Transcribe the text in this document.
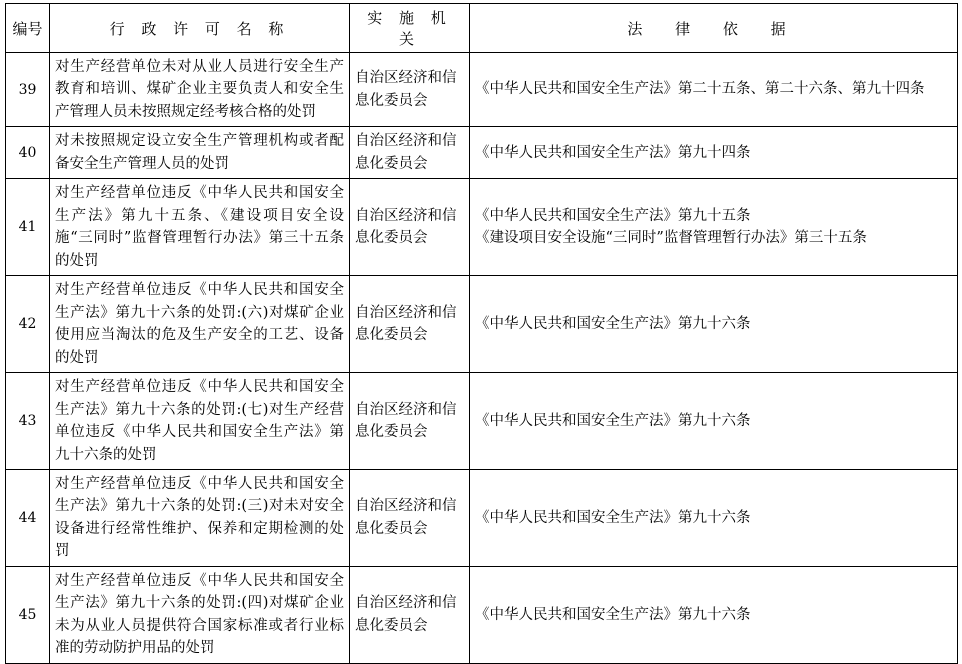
编号	行 政 许 可 名 称	实 施 机 关	法 律 依 据
39	对生产经营单位未对从业人员进行安全生产教育和培训、煤矿企业主要负责人和安全生产管理人员未按照规定经考核合格的处罚	自治区经济和信息化委员会	《中华人民共和国安全生产法》第二十五条、第二十六条、第九十四条

40	对未按照规定设立安全生产管理机构或者配备安全生产管理人员的处罚	自治区经济和信息化委员会	《中华人民共和国安全生产法》第九十四条

41	对生产经营单位违反《中华人民共和国安全生产法》第九十五条、《建设项目安全设施“三同时”监督管理暂行办法》第三十五条的处罚	自治区经济和信息化委员会	《中华人民共和国安全生产法》第九十五条
《建设项目安全设施“三同时”监督管理暂行办法》第三十五条

42	对生产经营单位违反《中华人民共和国安全生产法》第九十六条的处罚:(六)对煤矿企业使用应当淘汰的危及生产安全的工艺、设备的处罚	自治区经济和信息化委员会	《中华人民共和国安全生产法》第九十六条

43	对生产经营单位违反《中华人民共和国安全生产法》第九十六条的处罚:(七)对生产经营单位违反《中华人民共和国安全生产法》第九十六条的处罚	自治区经济和信息化委员会	《中华人民共和国安全生产法》第九十六条

44	对生产经营单位违反《中华人民共和国安全生产法》第九十六条的处罚:(三)对未对安全设备进行经常性维护、保养和定期检测的处罚	自治区经济和信息化委员会	《中华人民共和国安全生产法》第九十六条

45	对生产经营单位违反《中华人民共和国安全生产法》第九十六条的处罚:(四)对煤矿企业未为从业人员提供符合国家标准或者行业标准的劳动防护用品的处罚	自治区经济和信息化委员会	《中华人民共和国安全生产法》第九十六条
